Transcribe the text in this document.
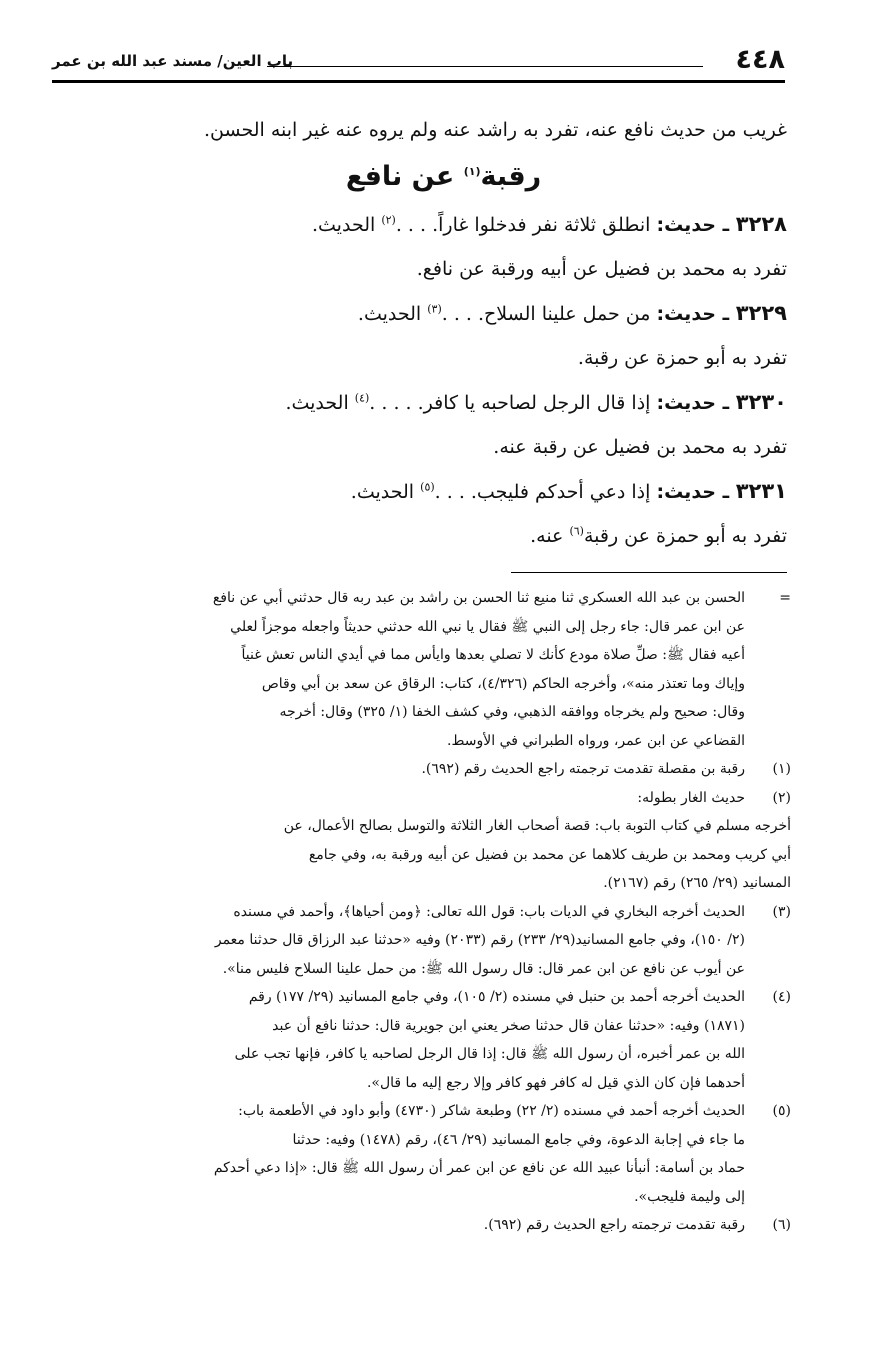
٤٤٨
باب العين/ مسند عبد الله بن عمر

غريب من حديث نافع عنه، تفرد به راشد عنه ولم يروه عنه غير ابنه الحسن.

رقبة$^{(١)}$ عن نافع

٣٢٢٨ ـ حديث: انطلق ثلاثة نفر فدخلوا غاراً. . . .$^{(٢)}$ الحديث.

تفرد به محمد بن فضيل عن أبيه ورقبة عن نافع.

٣٢٢٩ ـ حديث: من حمل علينا السلاح. . . .$^{(٣)}$ الحديث.

تفرد به أبو حمزة عن رقبة.

٣٢٣٠ ـ حديث: إذا قال الرجل لصاحبه يا كافر. . . . .$^{(٤)}$ الحديث.

تفرد به محمد بن فضيل عن رقبة عنه.

٣٢٣١ ـ حديث: إذا دعي أحدكم فليجب. . . .$^{(٥)}$ الحديث.

تفرد به أبو حمزة عن رقبة$^{(٦)}$ عنه.

=

الحسن بن عبد الله العسكري ثنا منيع ثنا الحسن بن راشد بن عبد ربه قال حدثني أبي عن نافع

عن ابن عمر قال: جاء رجل إلى النبي ﷺ فقال يا نبي الله حدثني حديثاً واجعله موجزاً لعلي

أعيه فقال ﷺ: صلِّ صلاة مودع كأنك لا تصلي بعدها وايأس مما في أيدي الناس تعش غنياً

وإياك وما تعتذر منه»، وأخرجه الحاكم (٤/٣٢٦)، كتاب: الرقاق عن سعد بن أبي وقاص

وقال: صحيح ولم يخرجاه ووافقه الذهبي، وفي كشف الخفا (١/ ٣٢٥) وقال: أخرجه

القضاعي عن ابن عمر، ورواه الطبراني في الأوسط.

(١)

رقبة بن مقصلة تقدمت ترجمته راجع الحديث رقم (٦٩٢).

(٢)

حديث الغار بطوله:

أخرجه مسلم في كتاب التوبة باب: قصة أصحاب الغار الثلاثة والتوسل بصالح الأعمال، عن

أبي كريب ومحمد بن طريف كلاهما عن محمد بن فضيل عن أبيه ورقبة به، وفي جامع

المسانيد (٢٩/ ٢٦٥) رقم (٢١٦٧).

(٣)

الحديث أخرجه البخاري في الديات باب: قول الله تعالى: ﴿ومن أحياها﴾، وأحمد في مسنده

(٢/ ١٥٠)، وفي جامع المسانيد(٢٩/ ٢٣٣) رقم (٢٠٣٣) وفيه «حدثنا عبد الرزاق قال حدثنا معمر

عن أيوب عن نافع عن ابن عمر قال: قال رسول الله ﷺ: من حمل علينا السلاح فليس منا».

(٤)

الحديث أخرجه أحمد بن حنبل في مسنده (٢/ ١٠٥)، وفي جامع المسانيد (٢٩/ ١٧٧) رقم

(١٨٧١) وفيه: «حدثنا عفان قال حدثنا صخر يعني ابن جويرية قال: حدثنا نافع أن عبد

الله بن عمر أخبره، أن رسول الله ﷺ قال: إذا قال الرجل لصاحبه يا كافر، فإنها تجب على

أحدهما فإن كان الذي قيل له كافر فهو كافر وإلا رجع إليه ما قال».

(٥)

الحديث أخرجه أحمد في مسنده (٢/ ٢٢) وطبعة شاكر (٤٧٣٠) وأبو داود في الأطعمة باب:

ما جاء في إجابة الدعوة، وفي جامع المسانيد (٢٩/ ٤٦)، رقم (١٤٧٨) وفيه: حدثنا

حماد بن أسامة: أنبأنا عبيد الله عن نافع عن ابن عمر أن رسول الله ﷺ قال: «إذا دعي أحدكم

إلى وليمة فليجب».

(٦)

رقبة تقدمت ترجمته راجع الحديث رقم (٦٩٢).
